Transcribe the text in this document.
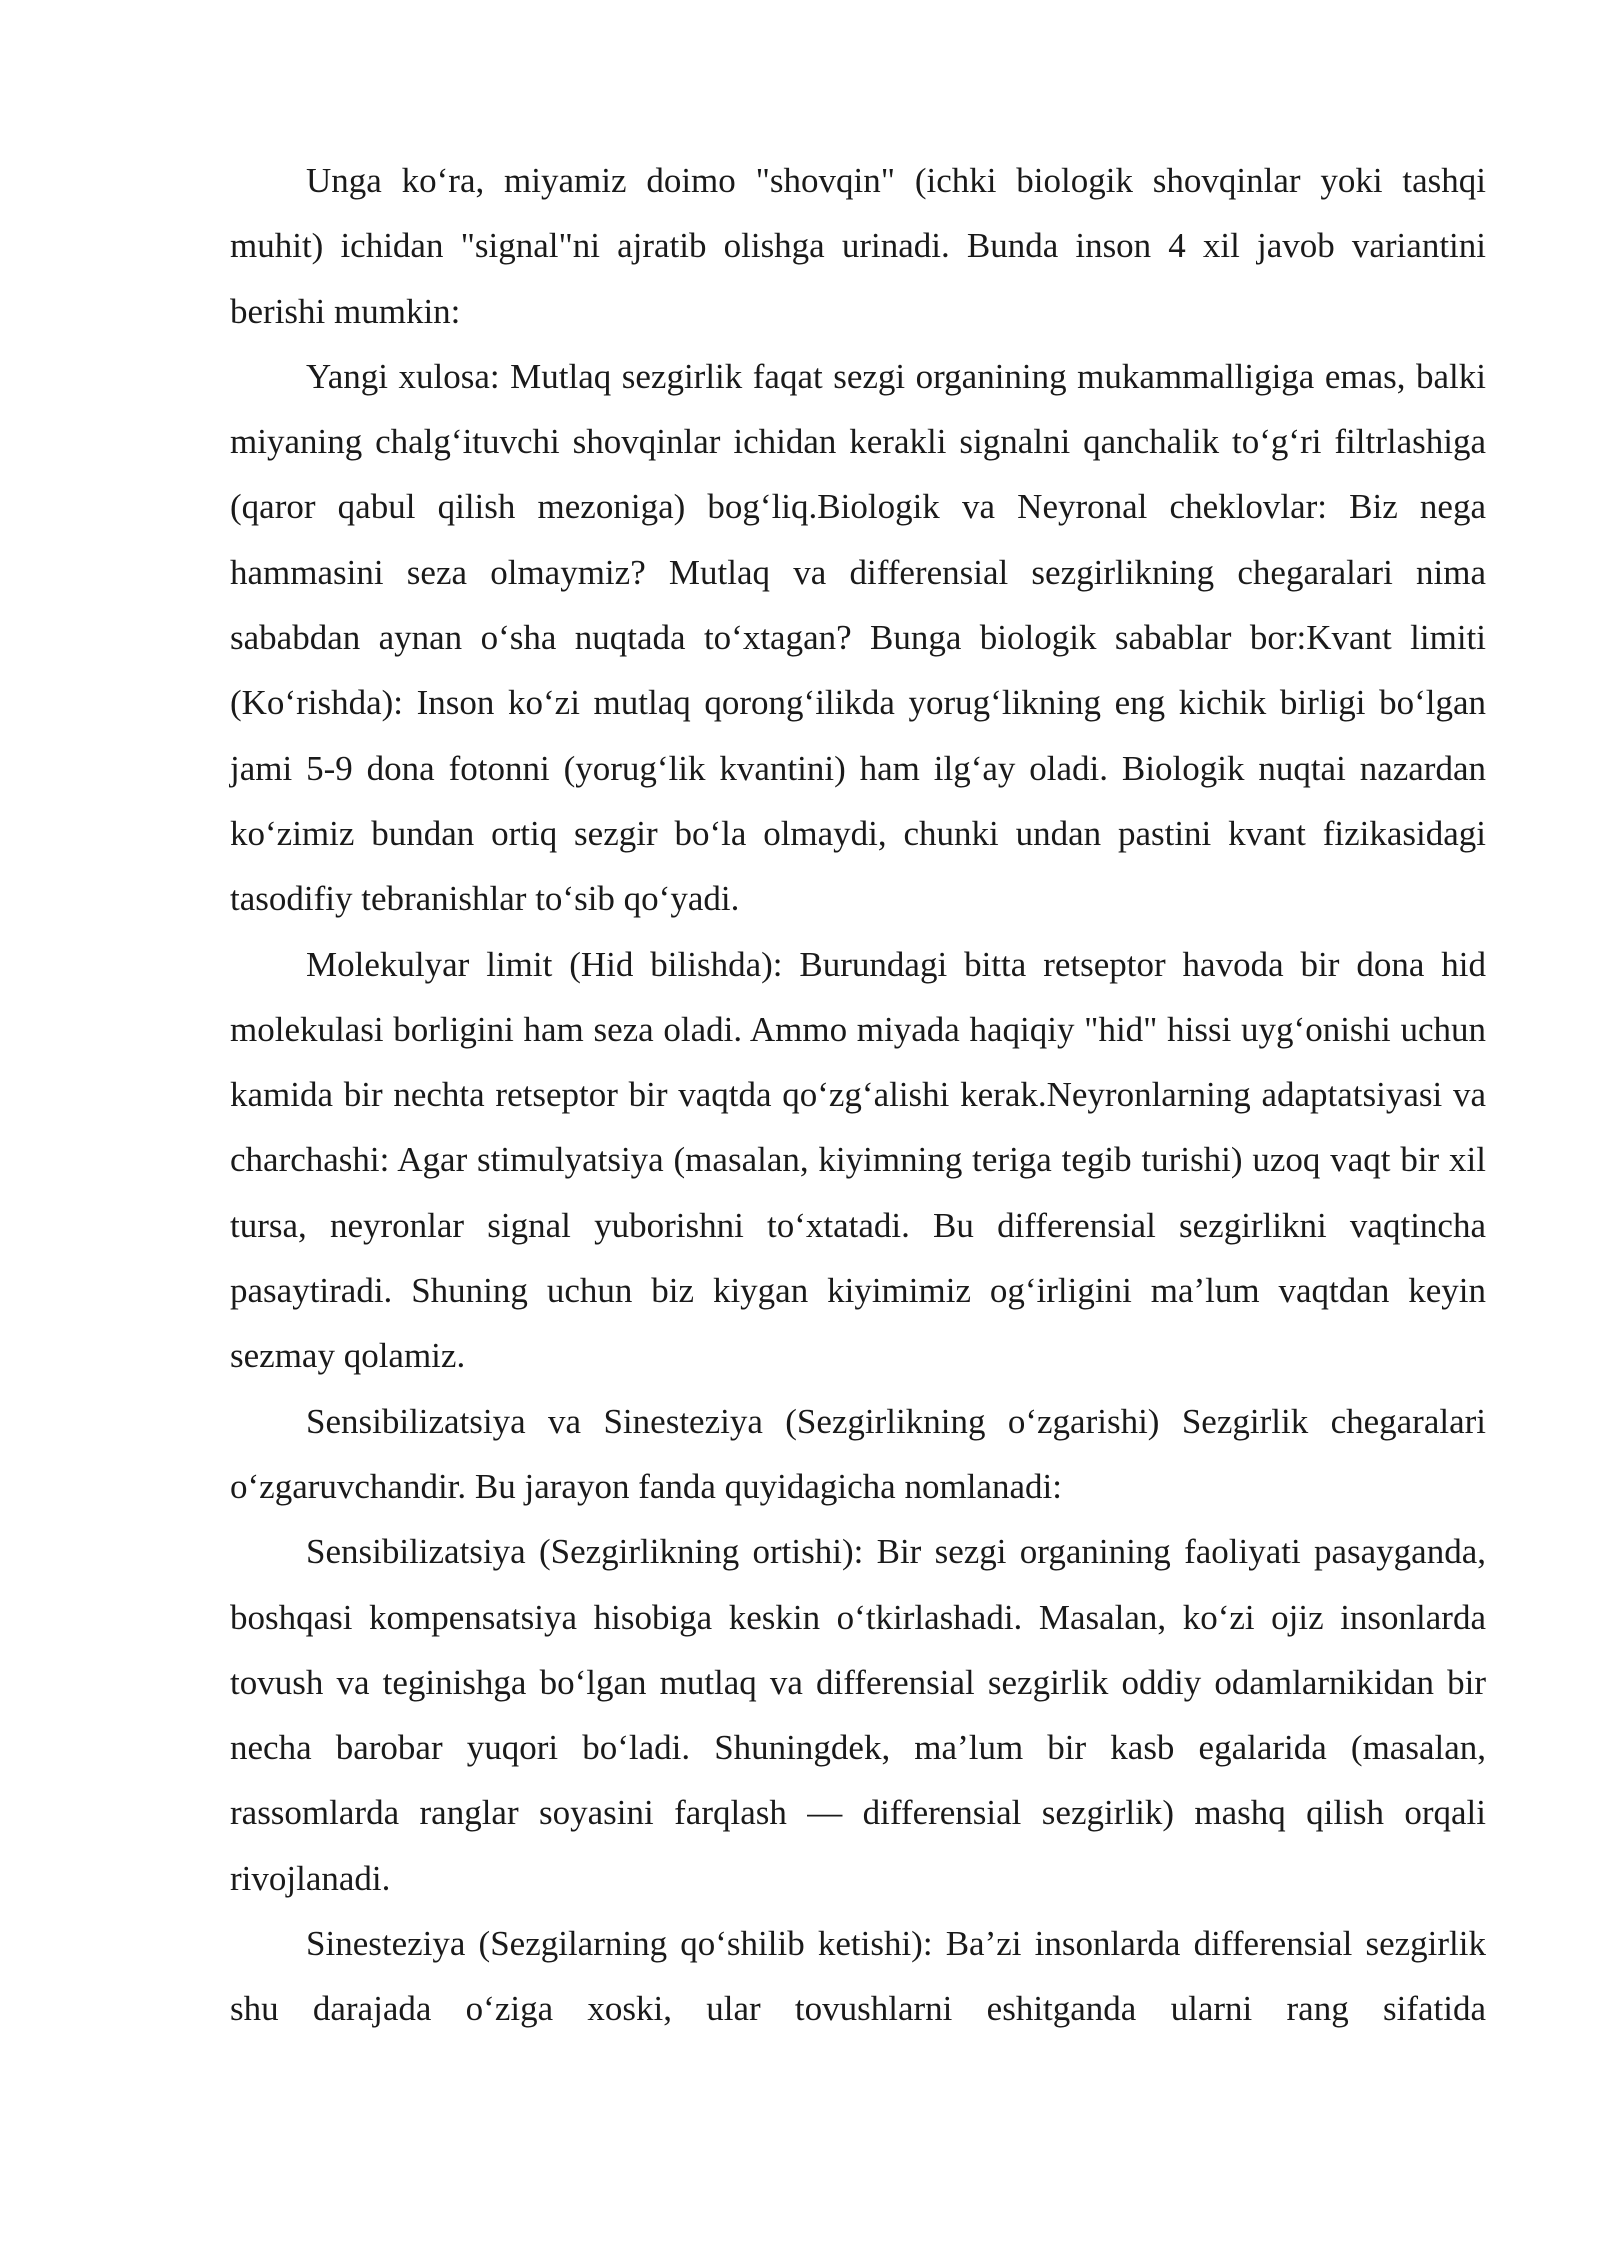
Unga ko‘ra, miyamiz doimo "shovqin" (ichki biologik shovqinlar yoki tashqi muhit) ichidan "signal"ni ajratib olishga urinadi. Bunda inson 4 xil javob variantini berishi mumkin:

Yangi xulosa: Mutlaq sezgirlik faqat sezgi organining mukammalligiga emas, balki miyaning chalg‘ituvchi shovqinlar ichidan kerakli signalni qanchalik to‘g‘ri filtrlashiga (qaror qabul qilish mezoniga) bog‘liq.Biologik va Neyronal cheklovlar: Biz nega hammasini seza olmaymiz? Mutlaq va differensial sezgirlikning chegaralari nima sababdan aynan o‘sha nuqtada to‘xtagan? Bunga biologik sabablar bor:Kvant limiti (Ko‘rishda): Inson ko‘zi mutlaq qorong‘ilikda yorug‘likning eng kichik birligi bo‘lgan jami 5-9 dona fotonni (yorug‘lik kvantini) ham ilg‘ay oladi. Biologik nuqtai nazardan ko‘zimiz bundan ortiq sezgir bo‘la olmaydi, chunki undan pastini kvant fizikasidagi tasodifiy tebranishlar to‘sib qo‘yadi.

Molekulyar limit (Hid bilishda): Burundagi bitta retseptor havoda bir dona hid molekulasi borligini ham seza oladi. Ammo miyada haqiqiy "hid" hissi uyg‘onishi uchun kamida bir nechta retseptor bir vaqtda qo‘zg‘alishi kerak.Neyronlarning adaptatsiyasi va charchashi: Agar stimulyatsiya (masalan, kiyimning teriga tegib turishi) uzoq vaqt bir xil tursa, neyronlar signal yuborishni to‘xtatadi. Bu differensial sezgirlikni vaqtincha pasaytiradi. Shuning uchun biz kiygan kiyimimiz og‘irligini ma’lum vaqtdan keyin sezmay qolamiz.

Sensibilizatsiya va Sinesteziya (Sezgirlikning o‘zgarishi) Sezgirlik chegaralari o‘zgaruvchandir. Bu jarayon fanda quyidagicha nomlanadi:

Sensibilizatsiya (Sezgirlikning ortishi): Bir sezgi organining faoliyati pasayganda, boshqasi kompensatsiya hisobiga keskin o‘tkirlashadi. Masalan, ko‘zi ojiz insonlarda tovush va teginishga bo‘lgan mutlaq va differensial sezgirlik oddiy odamlarnikidan bir necha barobar yuqori bo‘ladi. Shuningdek, ma’lum bir kasb egalarida (masalan, rassomlarda ranglar soyasini farqlash — differensial sezgirlik) mashq qilish orqali rivojlanadi.

Sinesteziya (Sezgilarning qo‘shilib ketishi): Ba’zi insonlarda differensial sezgirlik shu darajada o‘ziga xoski, ular tovushlarni eshitganda ularni rang sifatida
